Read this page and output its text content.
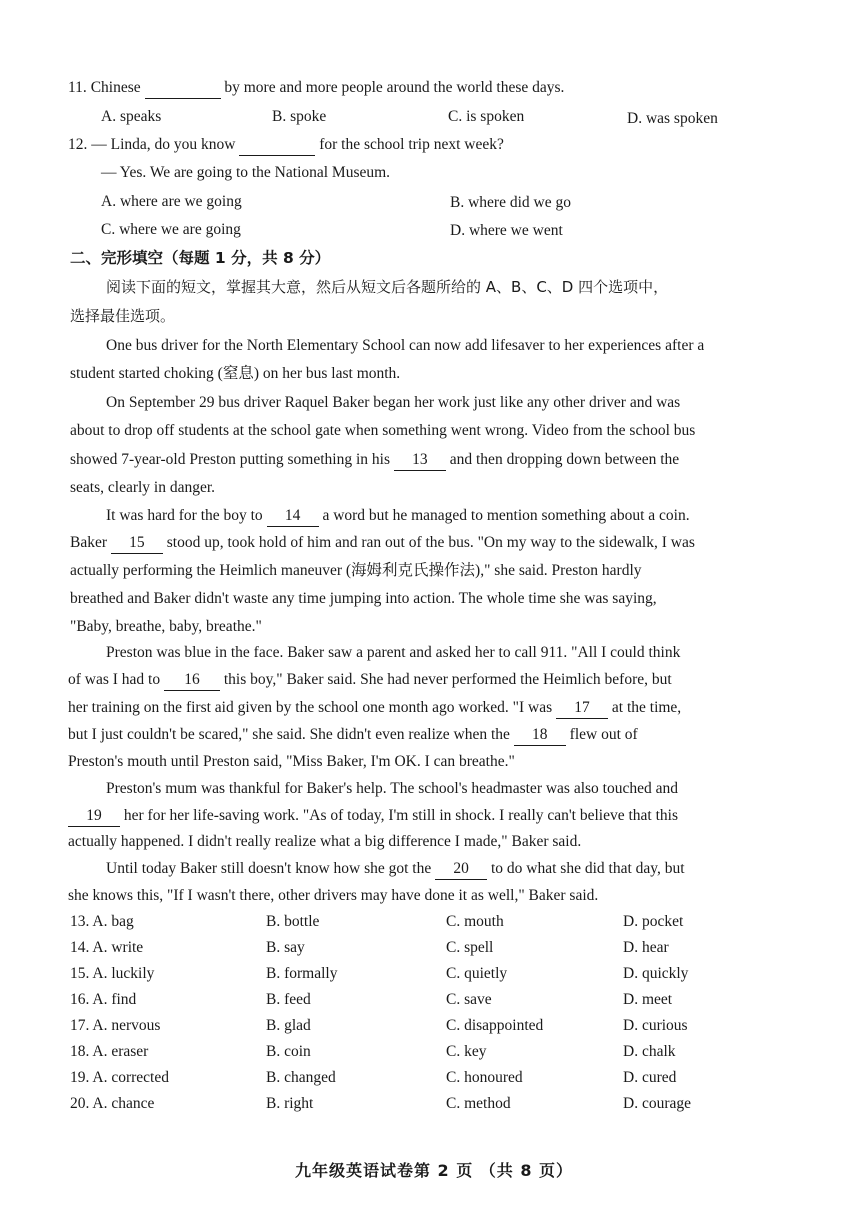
11. Chinese	by more and more people around the world these days.
A. speaks	B. spoke	C. is spoken	D. was spoken
12. — Linda, do you know	for the school trip next week?
— Yes. We are going to the National Museum.
A. where are we going	B. where did we go
C. where we are going	D. where we went
二、完形填空（每题 1 分，共 8 分）
阅读下面的短文，掌握其大意，然后从短文后各题所给的 A、B、C、D 四个选项中，
选择最佳选项。
One bus driver for the North Elementary School can now add lifesaver to her experiences after a
student started choking (窒息) on her bus last month.
On September 29 bus driver Raquel Baker began her work just like any other driver and was
about to drop off students at the school gate when something went wrong. Video from the school bus
showed 7-year-old Preston putting something in his 13 and then dropping down between the
seats, clearly in danger.
It was hard for the boy to 14 a word but he managed to mention something about a coin.
Baker 15 stood up, took hold of him and ran out of the bus. "On my way to the sidewalk, I was
actually performing the Heimlich maneuver (海姆利克氏操作法)," she said. Preston hardly
breathed and Baker didn't waste any time jumping into action. The whole time she was saying,
"Baby, breathe, baby, breathe."
Preston was blue in the face. Baker saw a parent and asked her to call 911. "All I could think
of was I had to 16 this boy," Baker said. She had never performed the Heimlich before, but
her training on the first aid given by the school one month ago worked. "I was 17 at the time,
but I just couldn't be scared," she said. She didn't even realize when the 18 flew out of
Preston's mouth until Preston said, "Miss Baker, I'm OK. I can breathe."
Preston's mum was thankful for Baker's help. The school's headmaster was also touched and
19 her for her life-saving work. "As of today, I'm still in shock. I really can't believe that this
actually happened. I didn't really realize what a big difference I made," Baker said.
Until today Baker still doesn't know how she got the 20 to do what she did that day, but
she knows this, "If I wasn't there, other drivers may have done it as well," Baker said.
13. A. bag	B. bottle	C. mouth	D. pocket
14. A. write	B. say	C. spell	D. hear
15. A. luckily	B. formally	C. quietly	D. quickly
16. A. find	B. feed	C. save	D. meet
17. A. nervous	B. glad	C. disappointed	D. curious
18. A. eraser	B. coin	C. key	D. chalk
19. A. corrected	B. changed	C. honoured	D. cured
20. A. chance	B. right	C. method	D. courage
九年级英语试卷第 2 页 （共 8 页）
